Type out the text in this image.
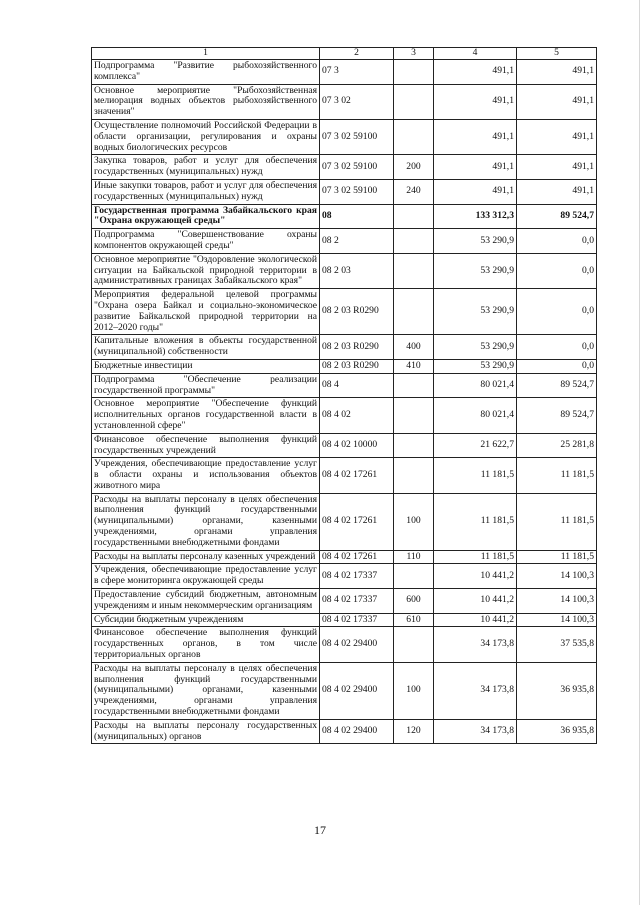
1	2	3	4	5
Подпрограмма "Развитие рыбохозяйственного комплекса"	07 3		491,1	491,1
Основное мероприятие "Рыбохозяйственная мелиорация водных объектов рыбохозяйственного значения"	07 3 02		491,1	491,1
Осуществление полномочий Российской Федерации в области организации, регулирования и охраны водных биологических ресурсов	07 3 02 59100		491,1	491,1
Закупка товаров, работ и услуг для обеспечения государственных (муниципальных) нужд	07 3 02 59100	200	491,1	491,1
Иные закупки товаров, работ и услуг для обеспечения государственных (муниципальных) нужд	07 3 02 59100	240	491,1	491,1
Государственная программа Забайкальского края "Охрана окружающей среды"	08		133 312,3	89 524,7
Подпрограмма "Совершенствование охраны компонентов окружающей среды"	08 2		53 290,9	0,0
Основное мероприятие "Оздоровление экологической ситуации на Байкальской природной территории в административных границах Забайкальского края"	08 2 03		53 290,9	0,0
Мероприятия федеральной целевой программы "Охрана озера Байкал и социально-экономическое развитие Байкальской природной территории на 2012–2020 годы"	08 2 03 R0290		53 290,9	0,0
Капитальные вложения в объекты государственной (муниципальной) собственности	08 2 03 R0290	400	53 290,9	0,0
Бюджетные инвестиции	08 2 03 R0290	410	53 290,9	0,0
Подпрограмма "Обеспечение реализации государственной программы"	08 4		80 021,4	89 524,7
Основное мероприятие "Обеспечение функций исполнительных органов государственной власти в установленной сфере"	08 4 02		80 021,4	89 524,7
Финансовое обеспечение выполнения функций государственных учреждений	08 4 02 10000		21 622,7	25 281,8
Учреждения, обеспечивающие предоставление услуг в области охраны и использования объектов животного мира	08 4 02 17261		11 181,5	11 181,5
Расходы на выплаты персоналу в целях обеспечения выполнения функций государственными (муниципальными) органами, казенными учреждениями, органами управления государственными внебюджетными фондами	08 4 02 17261	100	11 181,5	11 181,5
Расходы на выплаты персоналу казенных учреждений	08 4 02 17261	110	11 181,5	11 181,5
Учреждения, обеспечивающие предоставление услуг в сфере мониторинга окружающей среды	08 4 02 17337		10 441,2	14 100,3
Предоставление субсидий бюджетным, автономным учреждениям и иным некоммерческим организациям	08 4 02 17337	600	10 441,2	14 100,3
Субсидии бюджетным учреждениям	08 4 02 17337	610	10 441,2	14 100,3
Финансовое обеспечение выполнения функций государственных органов, в том числе территориальных органов	08 4 02 29400		34 173,8	37 535,8
Расходы на выплаты персоналу в целях обеспечения выполнения функций государственными (муниципальными) органами, казенными учреждениями, органами управления государственными внебюджетными фондами	08 4 02 29400	100	34 173,8	36 935,8
Расходы на выплаты персоналу государственных (муниципальных) органов	08 4 02 29400	120	34 173,8	36 935,8
17
